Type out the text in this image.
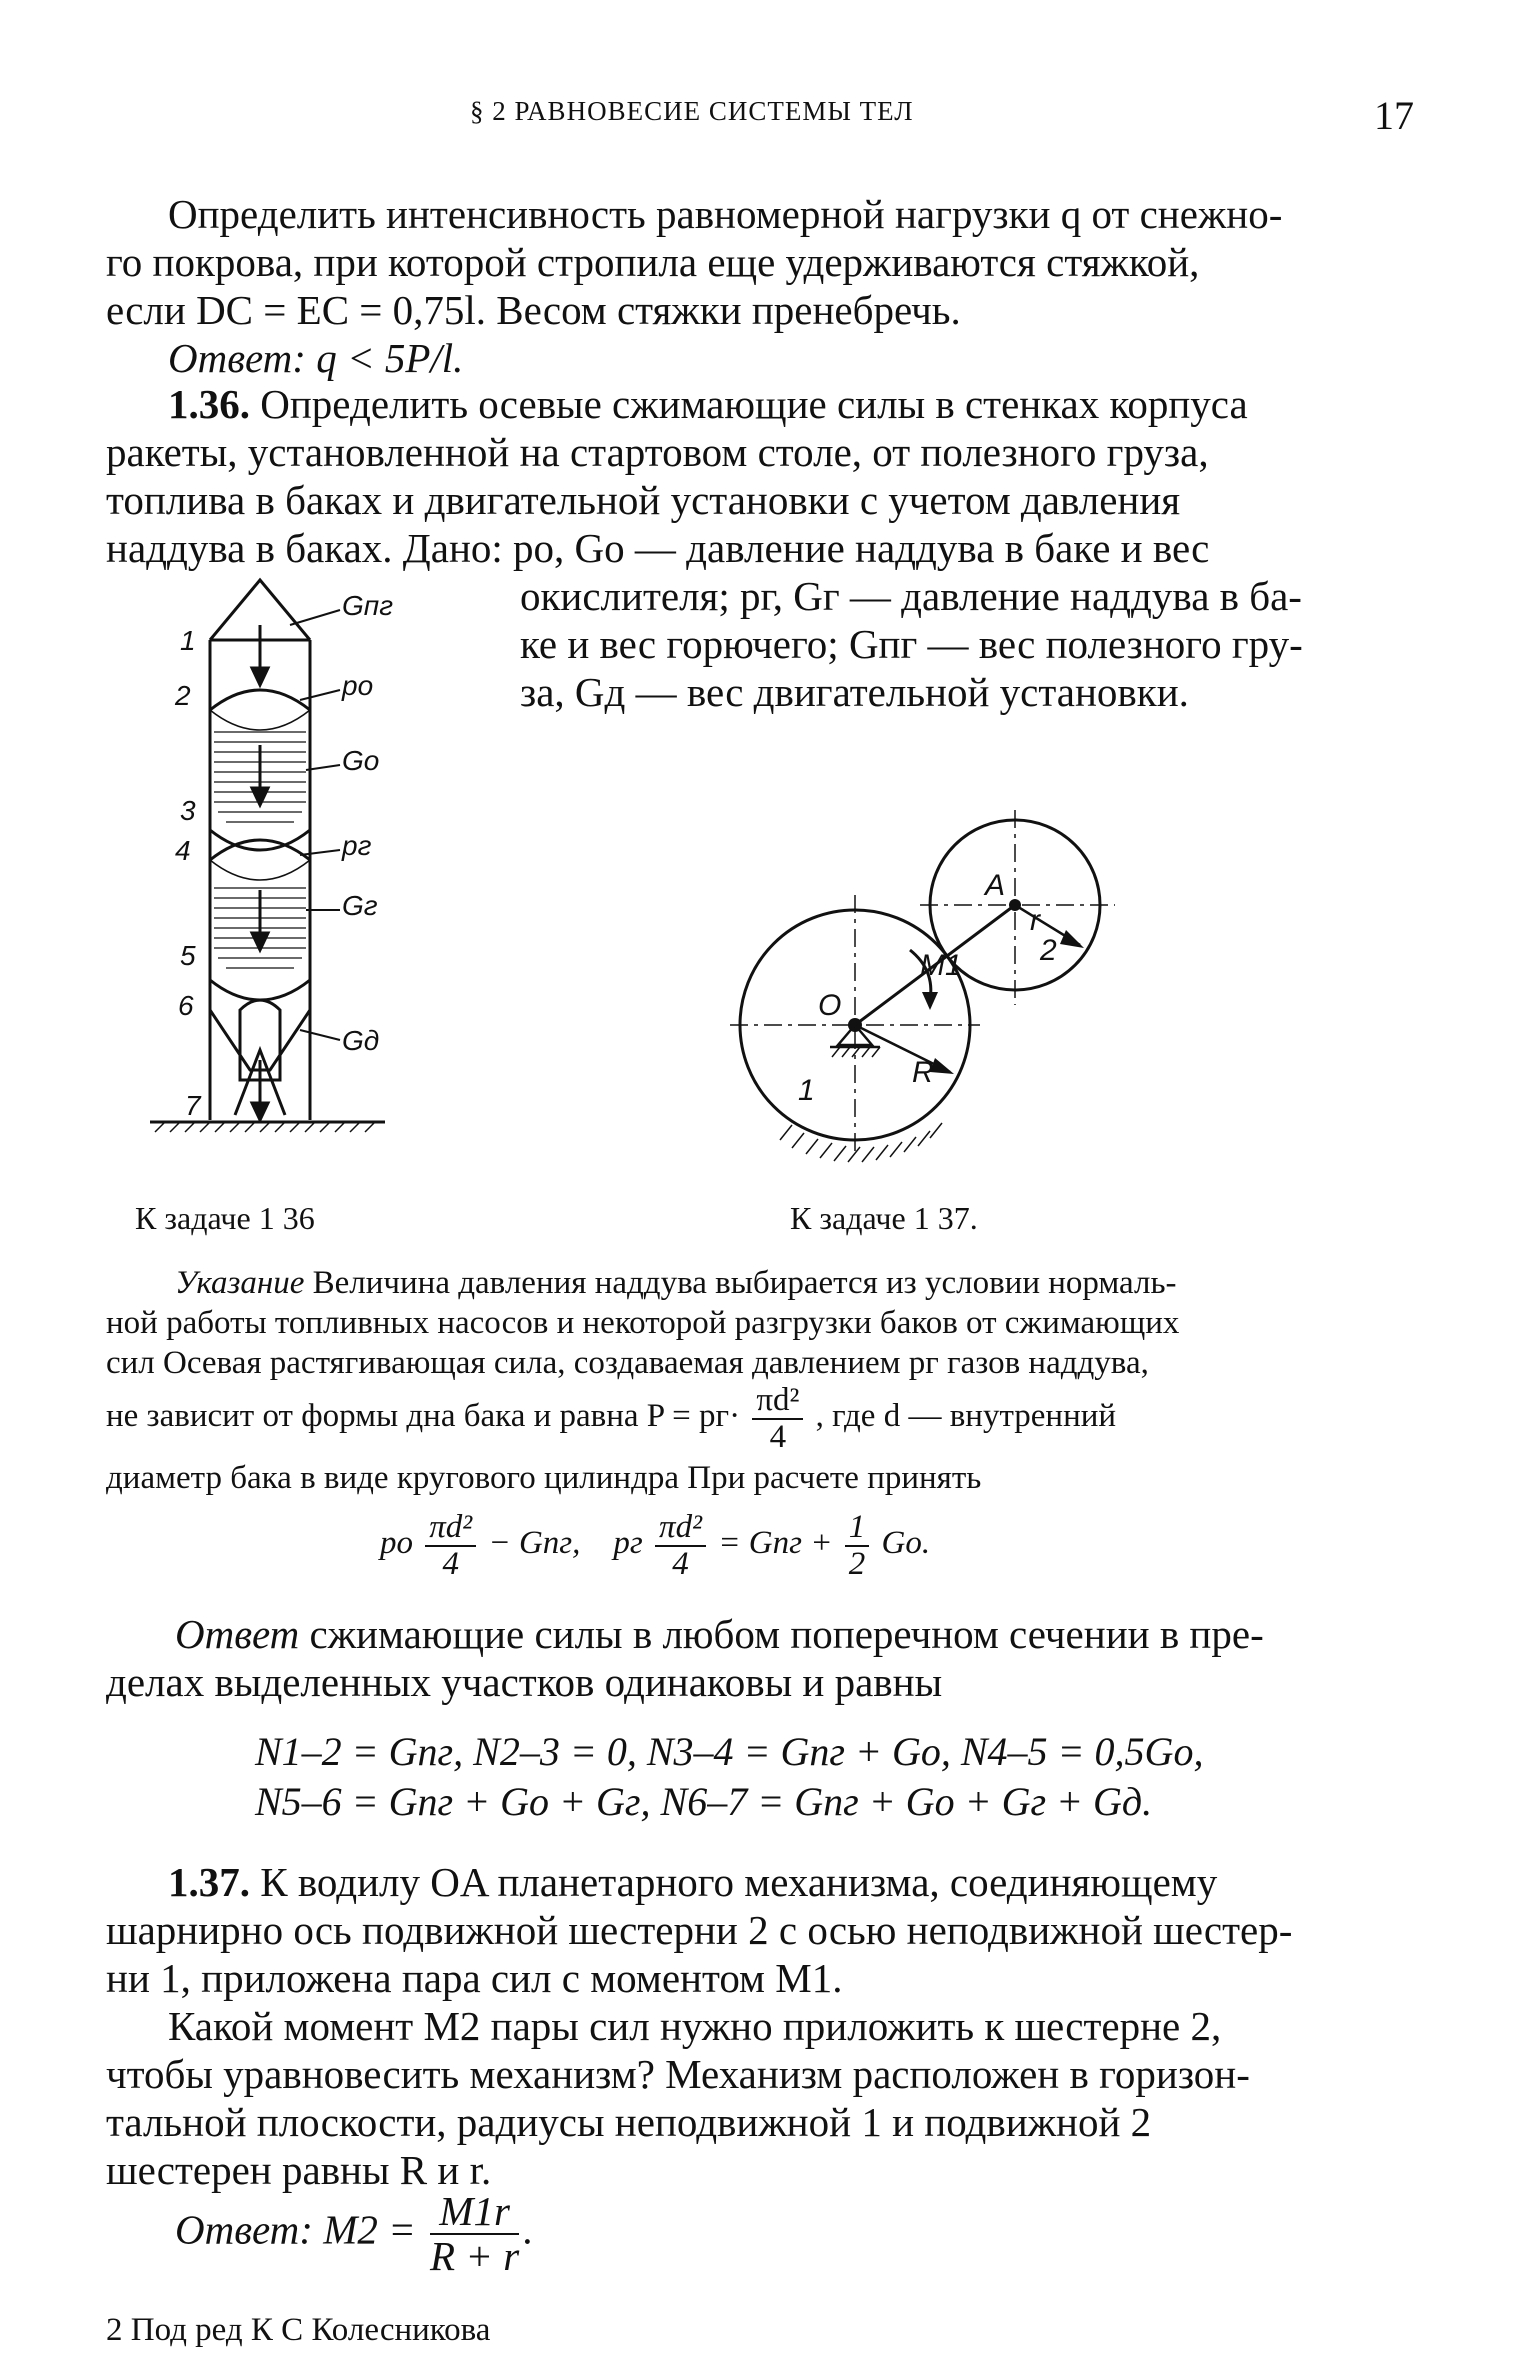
§ 2 РАВНОВЕСИЕ СИСТЕМЫ ТЕЛ	17
Определить интенсивность равномерной нагрузки q от снежно-
го покрова, при которой стропила еще удерживаются стяжкой,
если DC = EC = 0,75l. Весом стяжки пренебречь.
Ответ: q < 5P/l.
1.36. Определить осевые сжимающие силы в стенках корпуса
ракеты, установленной на стартовом столе, от полезного груза,
топлива в баках и двигательной установки с учетом давления
наддува в баках. Дано: pо, Gо — давление наддува в баке и вес
окислителя; pг, Gг — давление наддува в ба-
ке и вес горючего; Gпг — вес полезного гру-
за, Gд — вес двигательной установки.
1
2
3
4
5
6
7
Gпг
pо
Gо
pг
Gг
Gд
O
A
M1
R
r
1
2
К задаче 1 36	К задаче 1 37.
Указание Величина давления наддува выбирается из условии нормаль-
ной работы топливных насосов и некоторой разгрузки баков от сжимающих
сил Осевая растягивающая сила, создаваемая давлением pг газов наддува,
не зависит от формы дна бака и равна $P = pг\cdot \frac{\text{πd²}}{4}$ , где d — внутренний
диаметр бака в виде кругового цилиндра При расчете принять
pо $\frac{\text{πd²}}{4}$ − Gпг, pг $\frac{\text{πd²}}{4}$ = Gпг + $\frac{1}{2}$ Gо.
Ответ сжимающие силы в любом поперечном сечении в пре-
делах выделенных участков одинаковы и равны
N1–2 = Gпг, N2–3 = 0, N3–4 = Gпг + Gо, N4–5 = 0,5Gо,
N5–6 = Gпг + Gо + Gг, N6–7 = Gпг + Gо + Gг + Gд.
1.37. К водилу OA планетарного механизма, соединяющему
шарнирно ось подвижной шестерни 2 с осью неподвижной шестер-
ни 1, приложена пара сил с моментом M1.
Какой момент M2 пары сил нужно приложить к шестерне 2,
чтобы уравновесить механизм? Механизм расположен в горизон-
тальной плоскости, радиусы неподвижной 1 и подвижной 2
шестерен равны R и r.
Ответ: $M2 = \frac{M1r}{R + r}$ .
2 Под ред К С Колесникова
